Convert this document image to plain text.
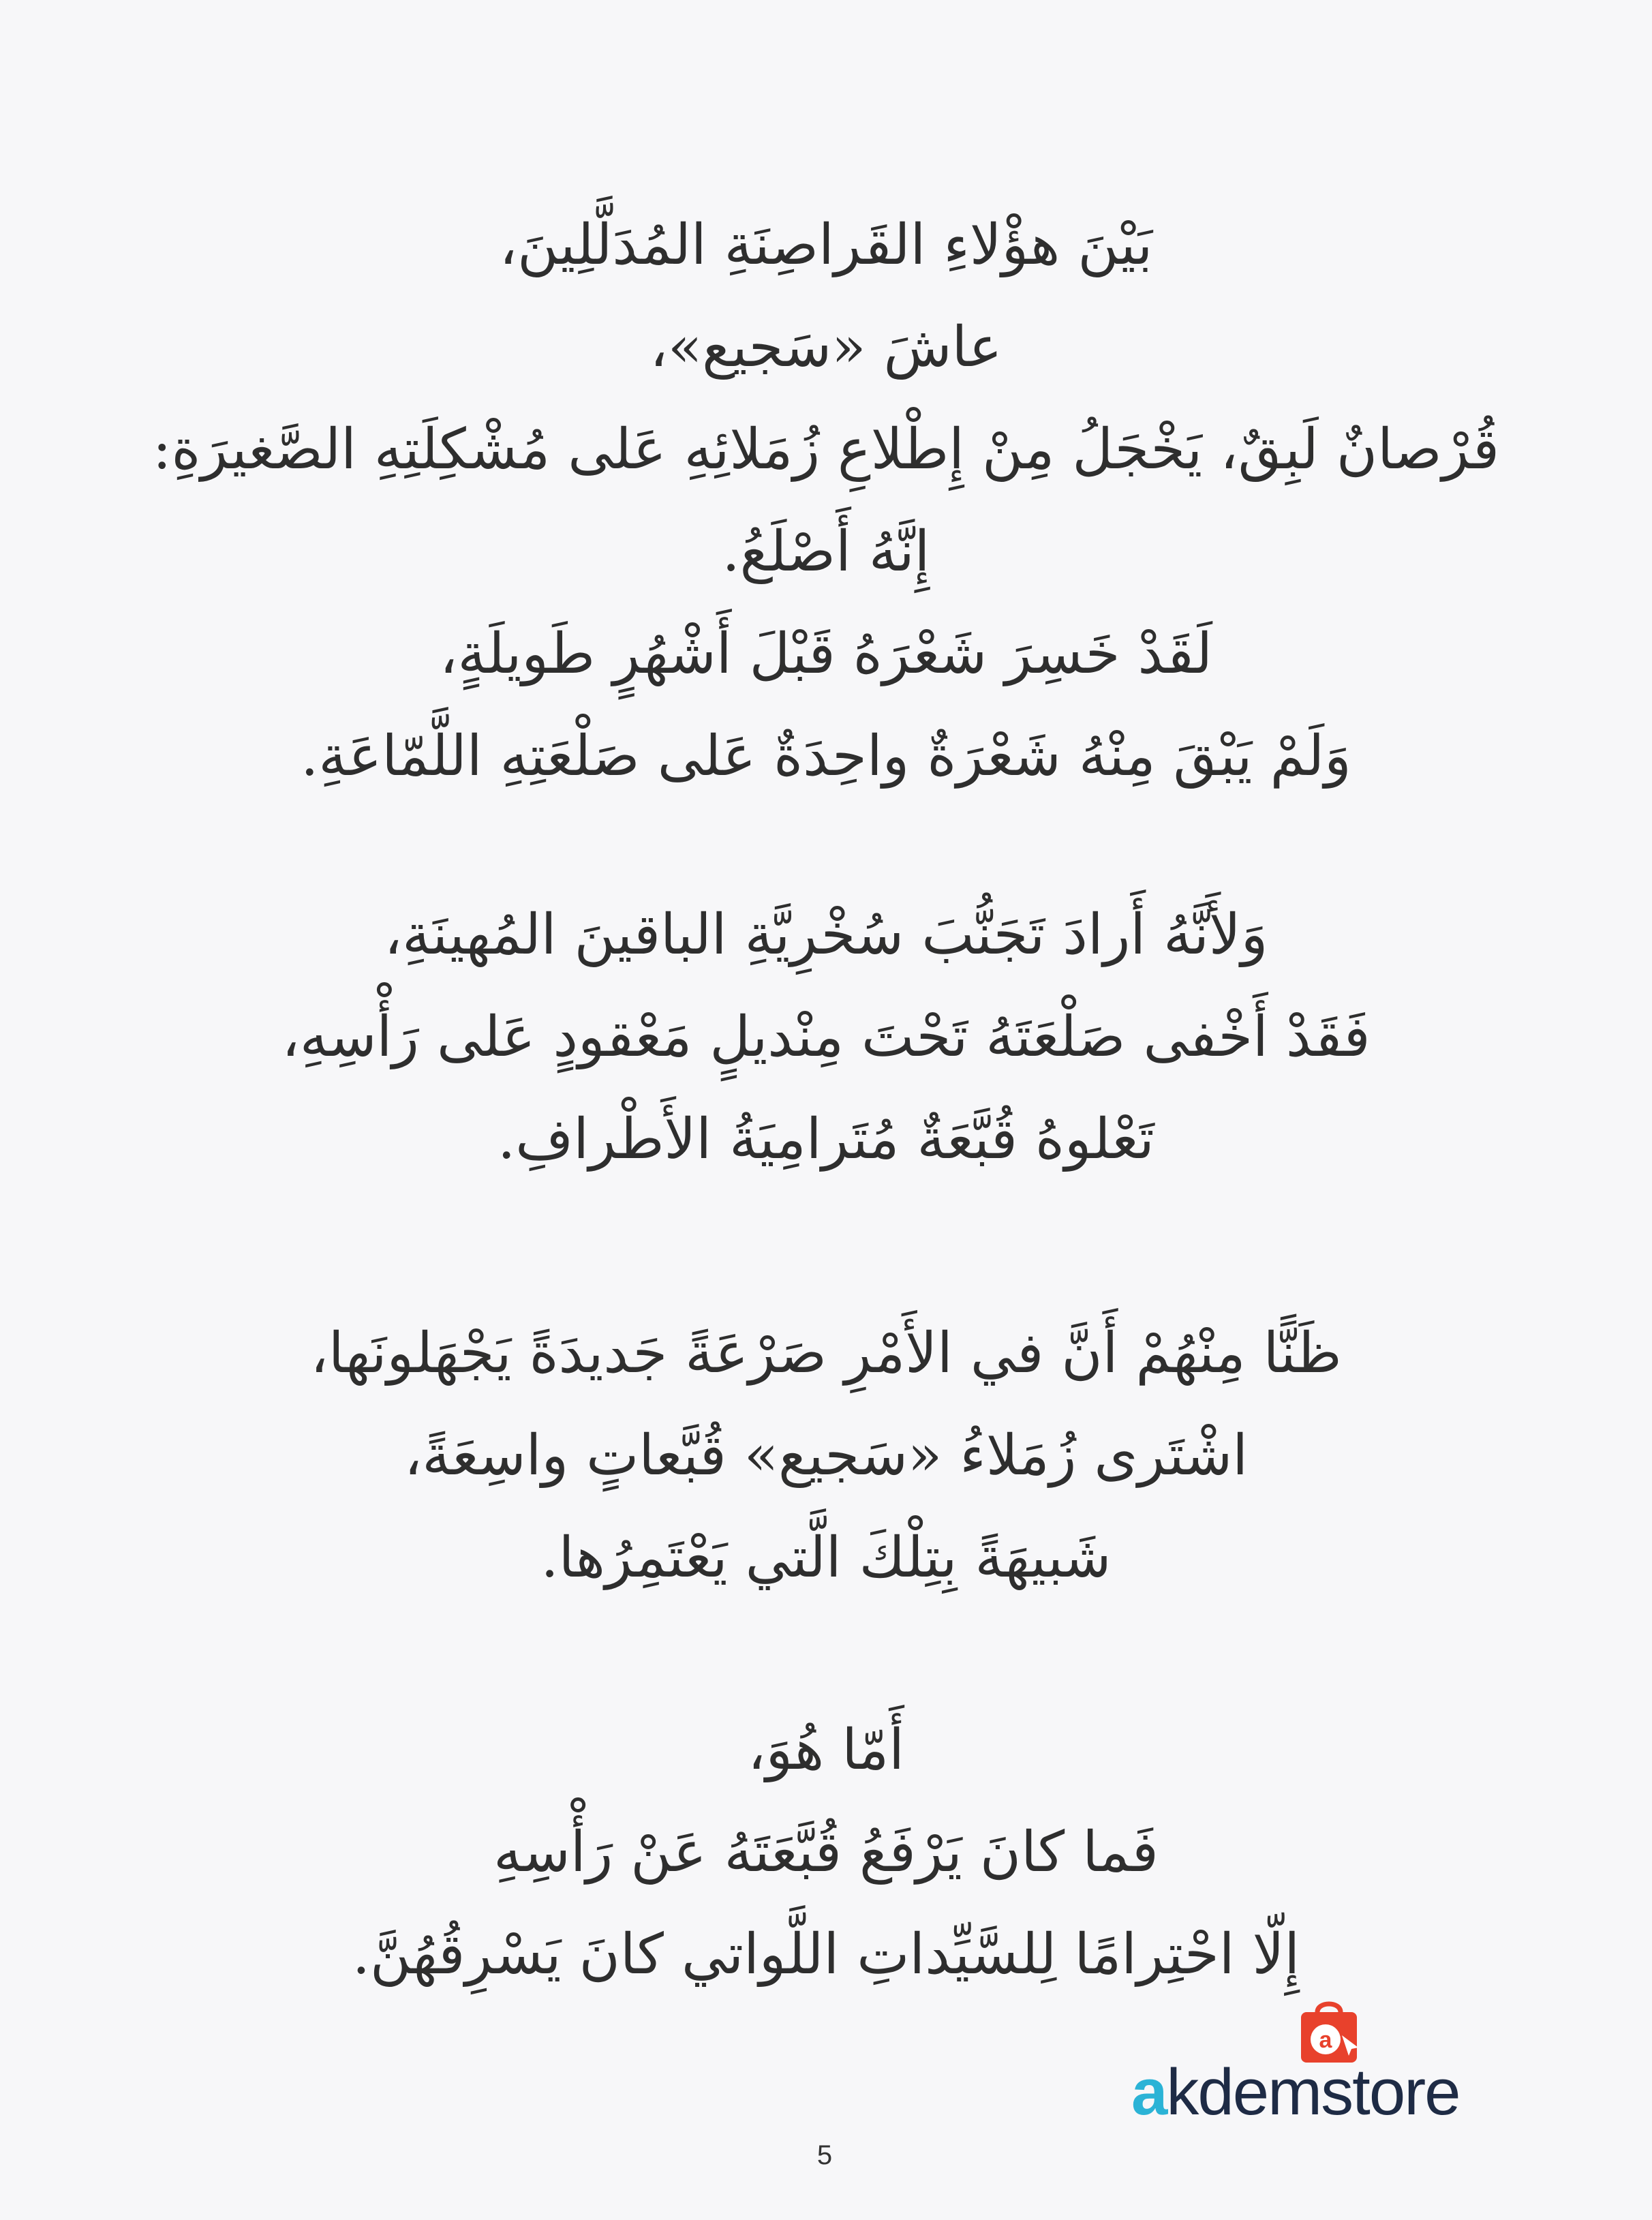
بَيْنَ هؤْلاءِ القَراصِنَةِ المُدَلَّلِينَ،
عاشَ «سَجيع»،
قُرْصانٌ لَبِقٌ، يَخْجَلُ مِنْ إِطْلاعِ زُمَلائِهِ عَلى مُشْكِلَتِهِ الصَّغيرَةِ:
إِنَّهُ أَصْلَعُ.
لَقَدْ خَسِرَ شَعْرَهُ قَبْلَ أَشْهُرٍ طَويلَةٍ،
وَلَمْ يَبْقَ مِنْهُ شَعْرَةٌ واحِدَةٌ عَلى صَلْعَتِهِ اللَّمّاعَةِ.
وَلأَنَّهُ أَرادَ تَجَنُّبَ سُخْرِيَّةِ الباقينَ المُهينَةِ،
فَقَدْ أَخْفى صَلْعَتَهُ تَحْتَ مِنْديلٍ مَعْقودٍ عَلى رَأْسِهِ،
تَعْلوهُ قُبَّعَةٌ مُتَرامِيَةُ الأَطْرافِ.
ظَنًّا مِنْهُمْ أَنَّ في الأَمْرِ صَرْعَةً جَديدَةً يَجْهَلونَها،
اشْتَرى زُمَلاءُ «سَجيع» قُبَّعاتٍ واسِعَةً،
شَبيهَةً بِتِلْكَ الَّتي يَعْتَمِرُها.
أَمّا هُوَ،
فَما كانَ يَرْفَعُ قُبَّعَتَهُ عَنْ رَأْسِهِ
إِلّا احْتِرامًا لِلسَّيِّداتِ اللَّواتي كانَ يَسْرِقُهُنَّ.
a
akdemstore
5
